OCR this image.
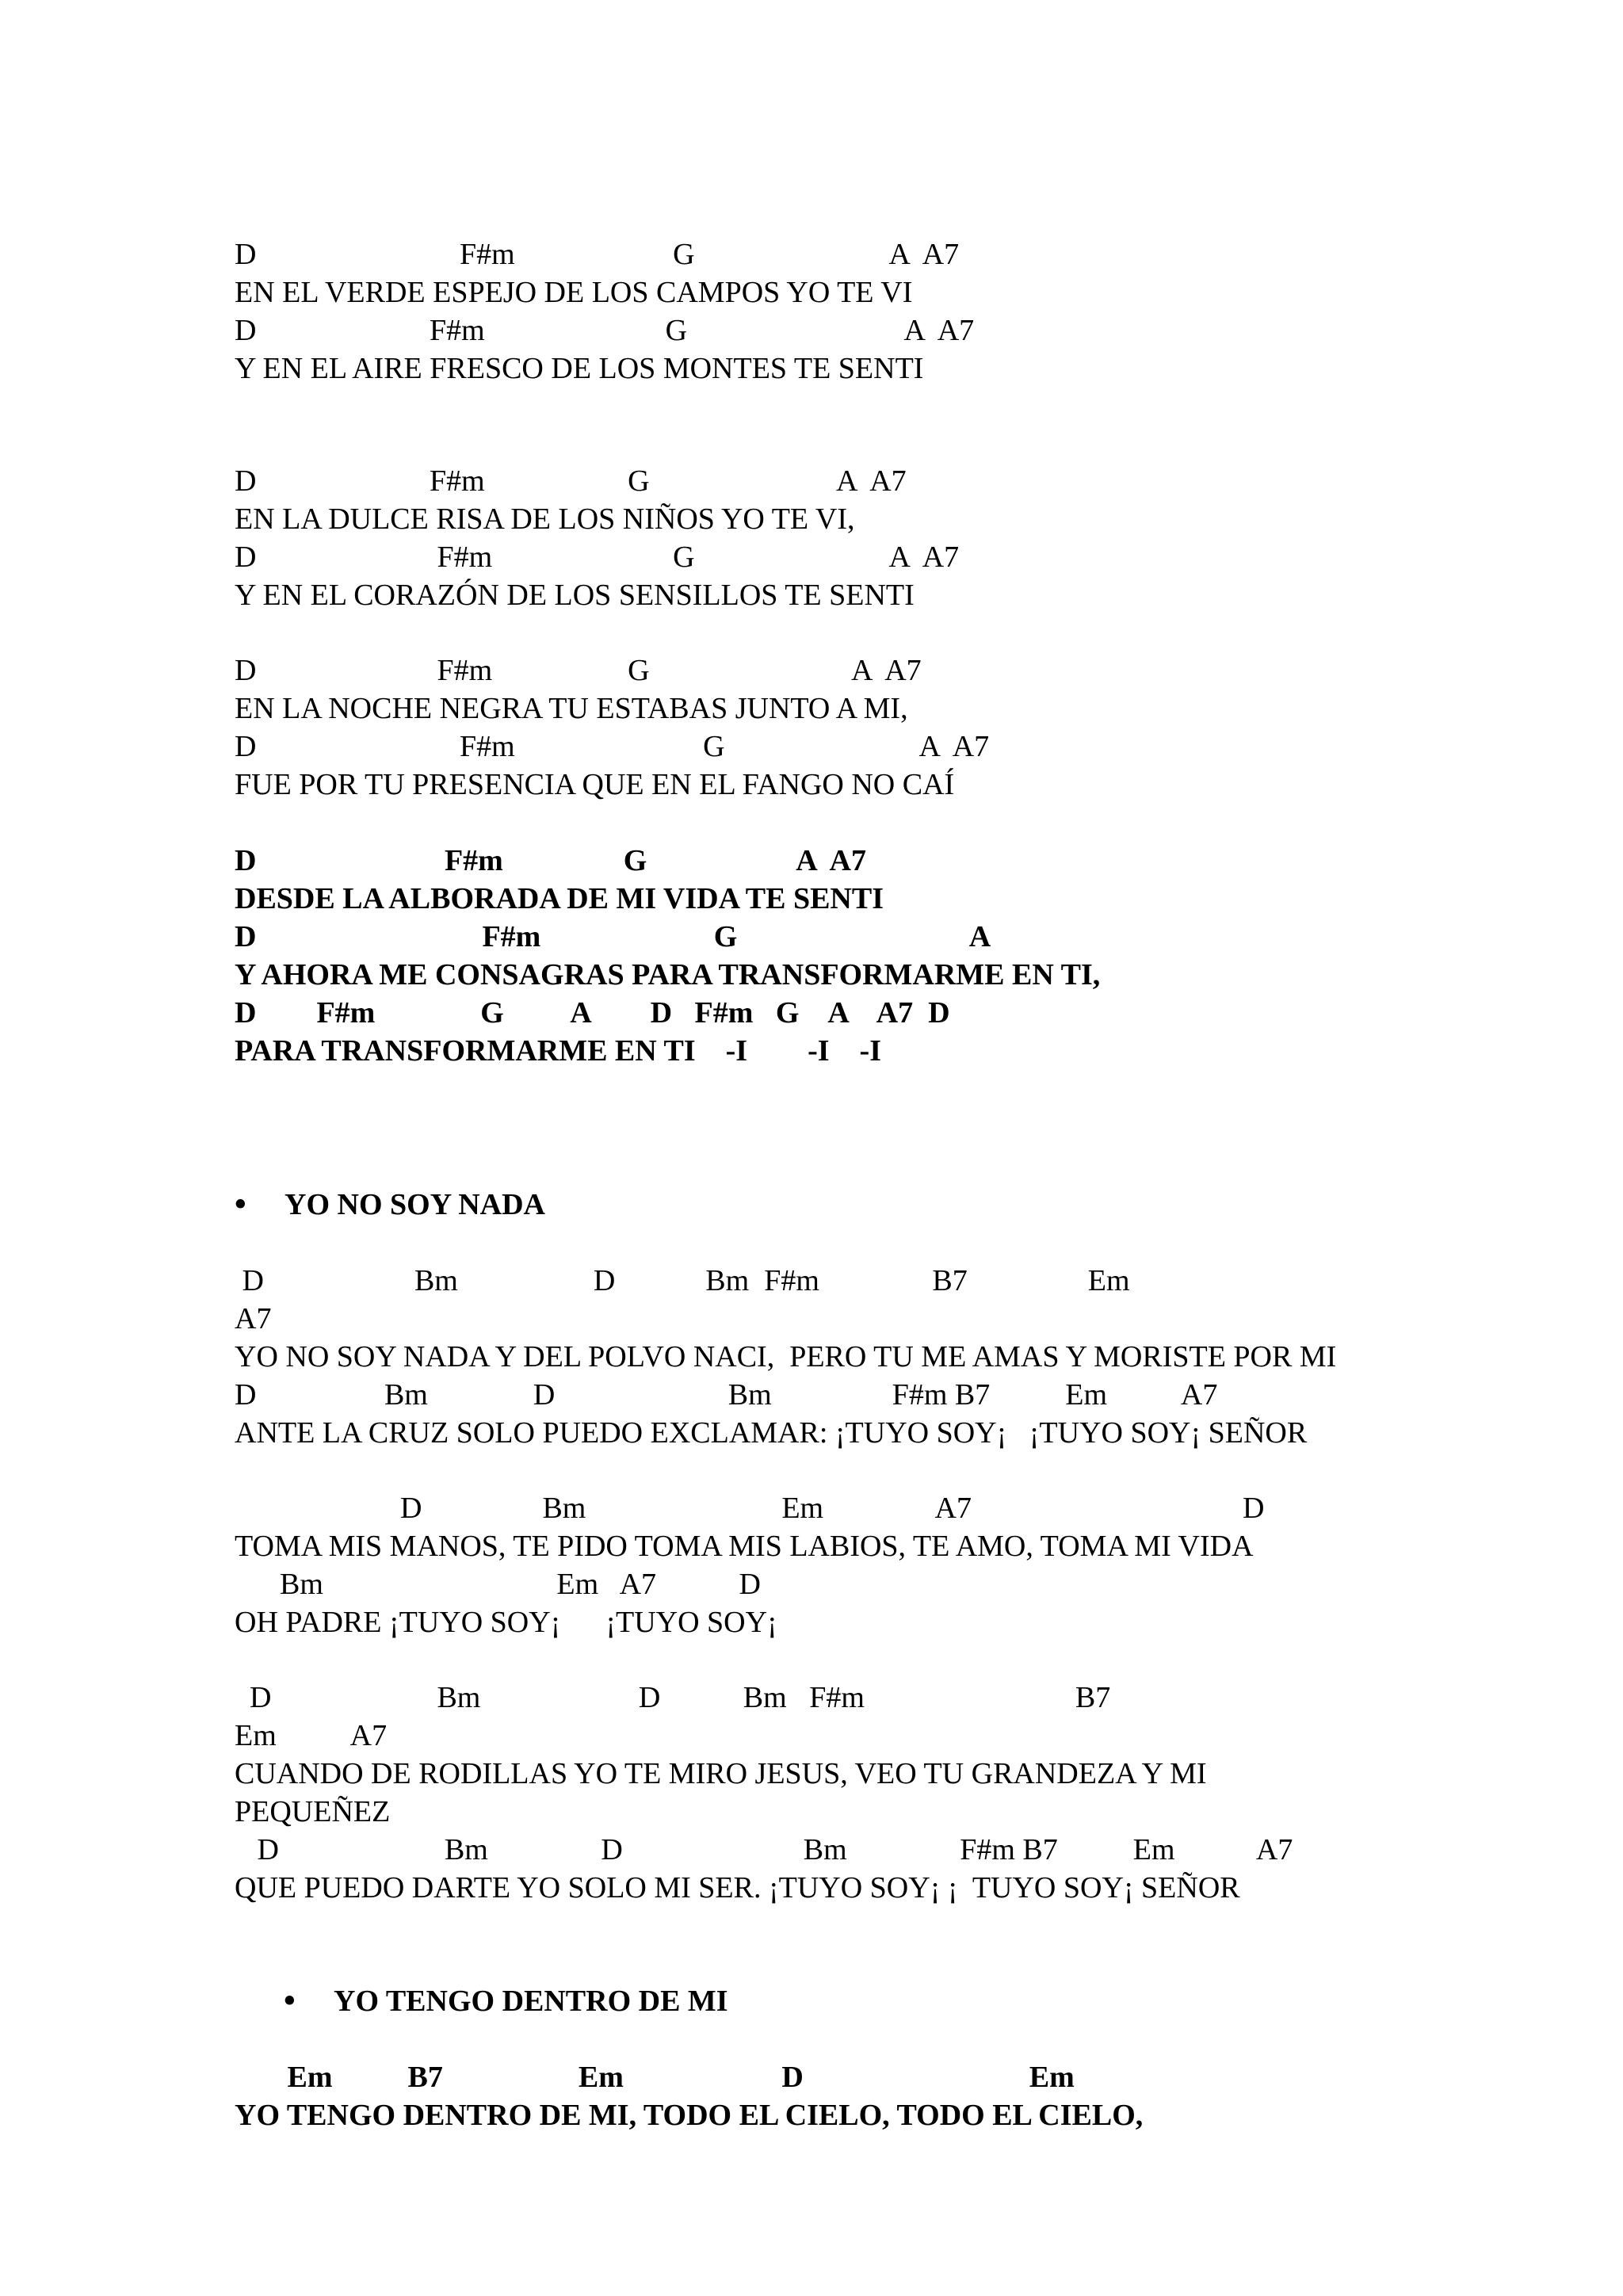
D                           F#m                     G                          A  A7
EN EL VERDE ESPEJO DE LOS CAMPOS YO TE VI
D                       F#m                        G                             A  A7
Y EN EL AIRE FRESCO DE LOS MONTES TE SENTI
D                       F#m                   G                         A  A7
EN LA DULCE RISA DE LOS NIÑOS YO TE VI,
D                        F#m                        G                          A  A7
Y EN EL CORAZÓN DE LOS SENSILLOS TE SENTI
D                        F#m                  G                           A  A7
EN LA NOCHE NEGRA TU ESTABAS JUNTO A MI,
D                           F#m                         G                          A  A7
FUE POR TU PRESENCIA QUE EN EL FANGO NO CAÍ
D                         F#m                G                    A  A7
DESDE LA ALBORADA DE MI VIDA TE SENTI
D                              F#m                       G                               A
Y AHORA ME CONSAGRAS PARA TRANSFORMARME EN TI,
D        F#m              G         A        D   F#m   G    A    A7  D
PARA TRANSFORMARME EN TI    -I        -I    -I
• YO NO SOY NADA
D                    Bm                  D            Bm  F#m               B7                Em
A7
YO NO SOY NADA Y DEL POLVO NACI,  PERO TU ME AMAS Y MORISTE POR MI
D                 Bm              D                       Bm                F#m B7          Em          A7
ANTE LA CRUZ SOLO PUEDO EXCLAMAR: ¡TUYO SOY¡   ¡TUYO SOY¡ SEÑOR
D                Bm                          Em               A7                                    D
TOMA MIS MANOS, TE PIDO TOMA MIS LABIOS, TE AMO, TOMA MI VIDA
Bm                               Em   A7           D
OH PADRE ¡TUYO SOY¡      ¡TUYO SOY¡
D                      Bm                     D           Bm   F#m                            B7
Em          A7
CUANDO DE RODILLAS YO TE MIRO JESUS, VEO TU GRANDEZA Y MI
PEQUEÑEZ
D                      Bm               D                        Bm               F#m B7          Em           A7
QUE PUEDO DARTE YO SOLO MI SER. ¡TUYO SOY¡ ¡  TUYO SOY¡ SEÑOR
• YO TENGO DENTRO DE MI
Em          B7                  Em                     D                              Em
YO TENGO DENTRO DE MI, TODO EL CIELO, TODO EL CIELO,
